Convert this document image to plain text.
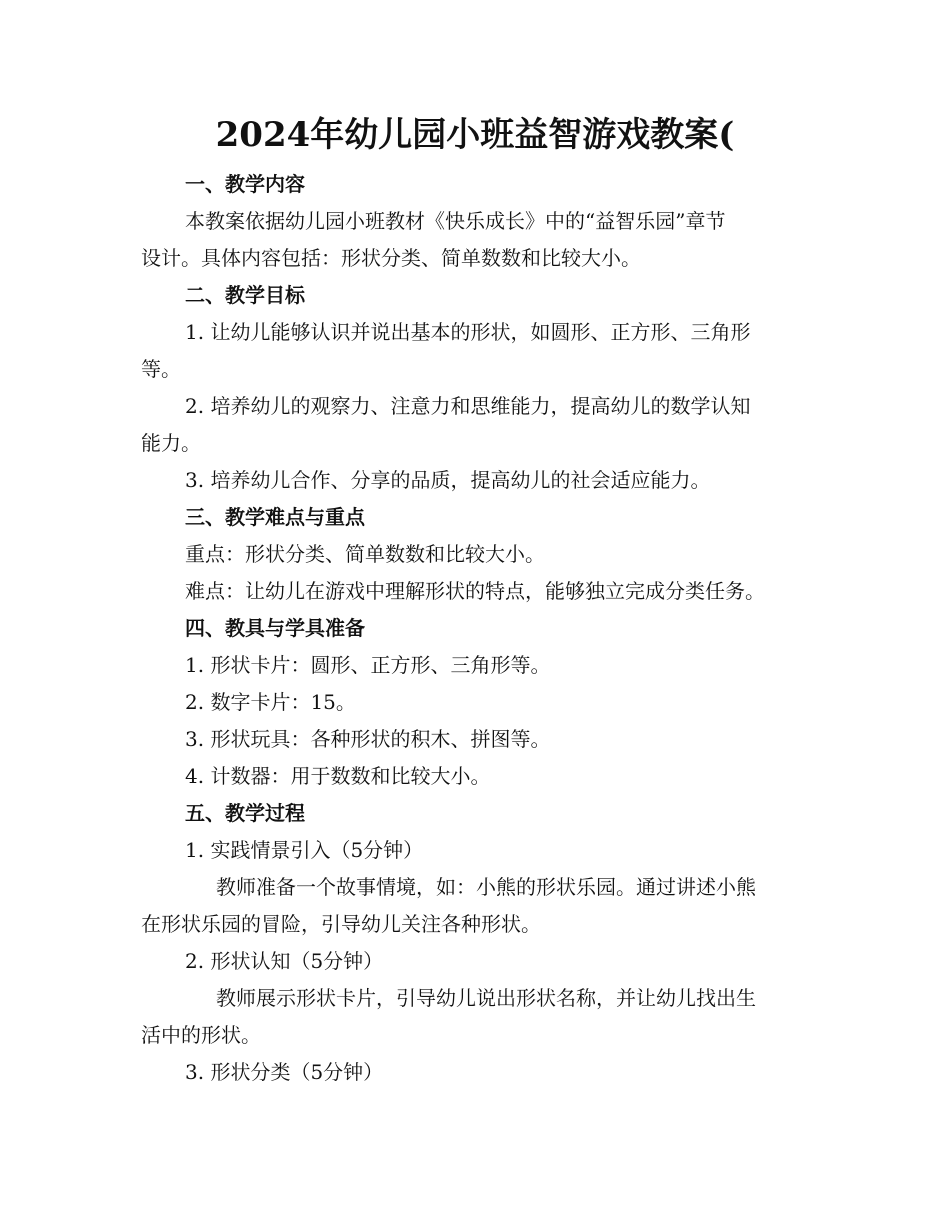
2024年幼儿园小班益智游戏教案(
一、教学内容
本教案依据幼儿园小班教材《快乐成长》中的“益智乐园”章节
设计。具体内容包括：形状分类、简单数数和比较大小。
二、教学目标
1. 让幼儿能够认识并说出基本的形状，如圆形、正方形、三角形
等。
2. 培养幼儿的观察力、注意力和思维能力，提高幼儿的数学认知
能力。
3. 培养幼儿合作、分享的品质，提高幼儿的社会适应能力。
三、教学难点与重点
重点：形状分类、简单数数和比较大小。
难点：让幼儿在游戏中理解形状的特点，能够独立完成分类任务。
四、教具与学具准备
1. 形状卡片：圆形、正方形、三角形等。
2. 数字卡片：15。
3. 形状玩具：各种形状的积木、拼图等。
4. 计数器：用于数数和比较大小。
五、教学过程
1. 实践情景引入（5分钟）
教师准备一个故事情境，如：小熊的形状乐园。通过讲述小熊
在形状乐园的冒险，引导幼儿关注各种形状。
2. 形状认知（5分钟）
教师展示形状卡片，引导幼儿说出形状名称，并让幼儿找出生
活中的形状。
3. 形状分类（5分钟）
